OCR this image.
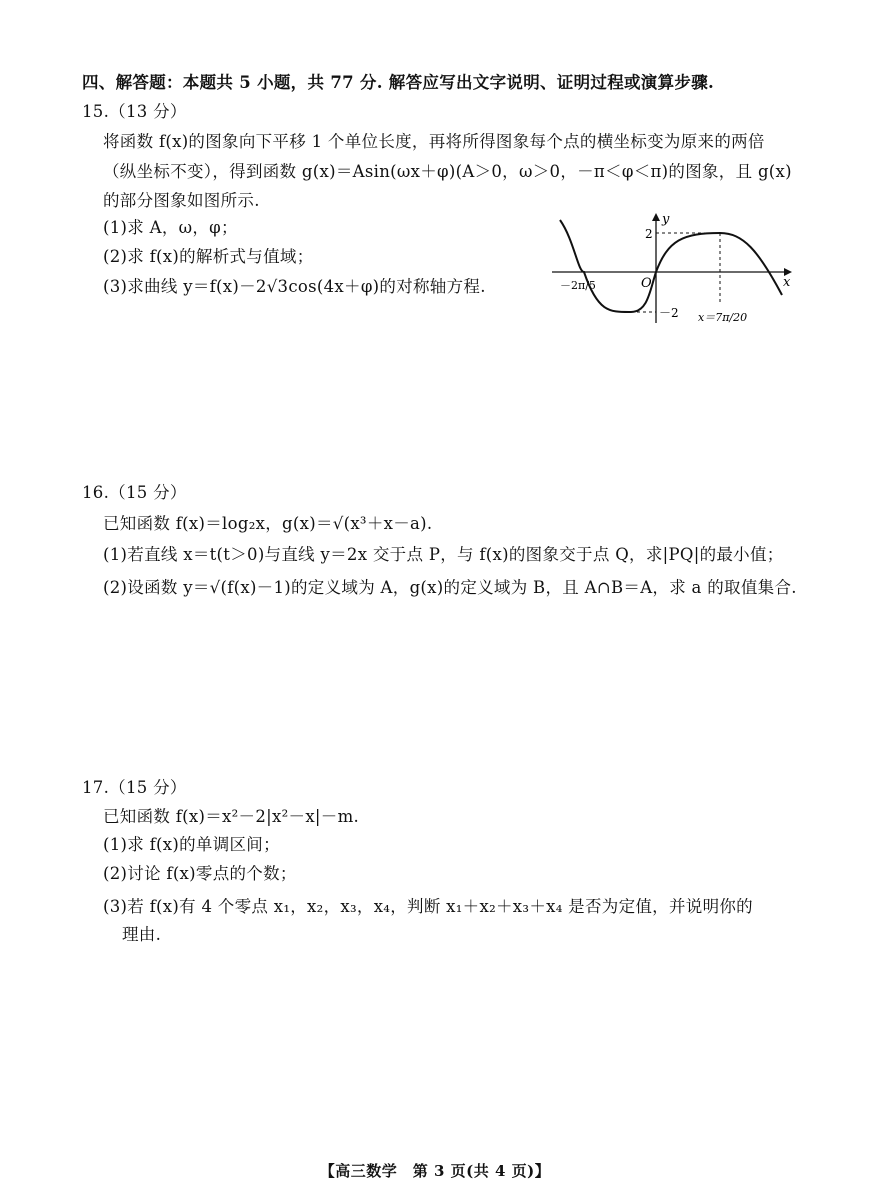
四、解答题：本题共 5 小题，共 77 分. 解答应写出文字说明、证明过程或演算步骤.
15.（13 分）
将函数 f(x)的图象向下平移 1 个单位长度，再将所得图象每个点的横坐标变为原来的两倍
（纵坐标不变），得到函数 g(x)＝Asin(ωx＋φ)(A＞0，ω＞0，－π＜φ＜π)的图象，且 g(x)
的部分图象如图所示.
(1)求 A，ω，φ；
(2)求 f(x)的解析式与值域；
(3)求曲线 y＝f(x)－2√3cos(4x＋φ)的对称轴方程.
y
x
O
2
－2
－2π/5
x＝7π/20
16.（15 分）
已知函数 f(x)＝log₂x，g(x)＝√(x³＋x－a).
(1)若直线 x＝t(t＞0)与直线 y＝2x 交于点 P，与 f(x)的图象交于点 Q，求|PQ|的最小值；
(2)设函数 y＝√(f(x)－1)的定义域为 A，g(x)的定义域为 B，且 A∩B＝A，求 a 的取值集合.
17.（15 分）
已知函数 f(x)＝x²－2|x²－x|－m.
(1)求 f(x)的单调区间；
(2)讨论 f(x)零点的个数；
(3)若 f(x)有 4 个零点 x₁，x₂，x₃，x₄，判断 x₁＋x₂＋x₃＋x₄ 是否为定值，并说明你的
理由.
【高三数学　第 3 页(共 4 页)】
